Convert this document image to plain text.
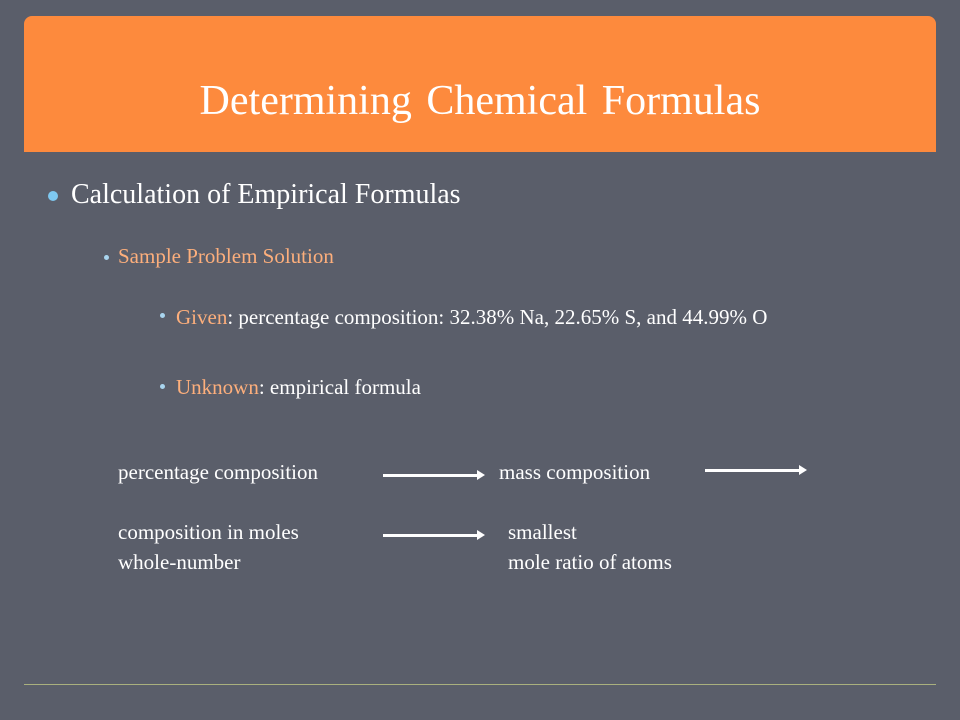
Determining Chemical Formulas
Calculation of Empirical Formulas
Sample Problem Solution
Given: percentage composition: 32.38% Na, 22.65% S, and 44.99% O
Unknown: empirical formula
percentage composition	mass composition
composition in moles	smallest
whole-number	mole ratio of atoms
